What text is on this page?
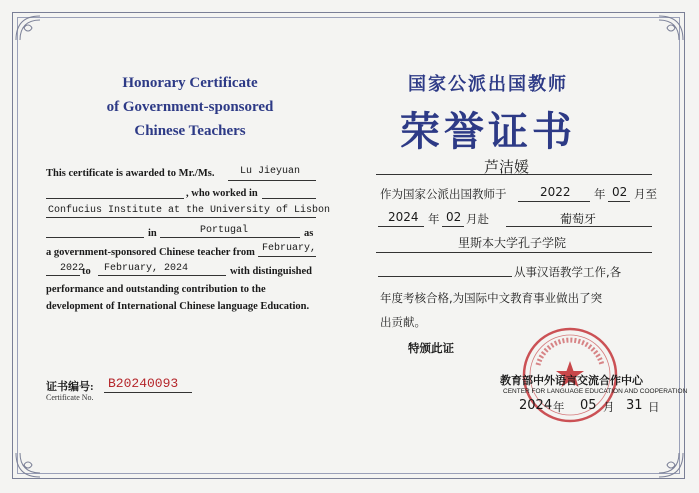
Honorary Certificate
of Government-sponsored
Chinese Teachers
This certificate is awarded to Mr./Ms.	Lu Jieyuan
, who worked in
Confucius Institute at the University of Lisbon
in	Portugal	as
a government-sponsored Chinese teacher from February,
2022
to February, 2024	with distinguished
performance and outstanding contribution to the
development of International Chinese language Education.
证书编号:
Certificate No.
B20240093
国家公派出国教师
荣誉证书
芦洁媛
作为国家公派出国教师于	2022 年 02 月至
2024 年 02 月赴	葡萄牙
里斯本大学孔子学院
从事汉语教学工作,各
年度考核合格,为国际中文教育事业做出了突
出贡献。
特颁此证
教育部中外语言交流合作中心
CENTER FOR LANGUAGE EDUCATION AND COOPERATION
2024 年 05 月 31 日
